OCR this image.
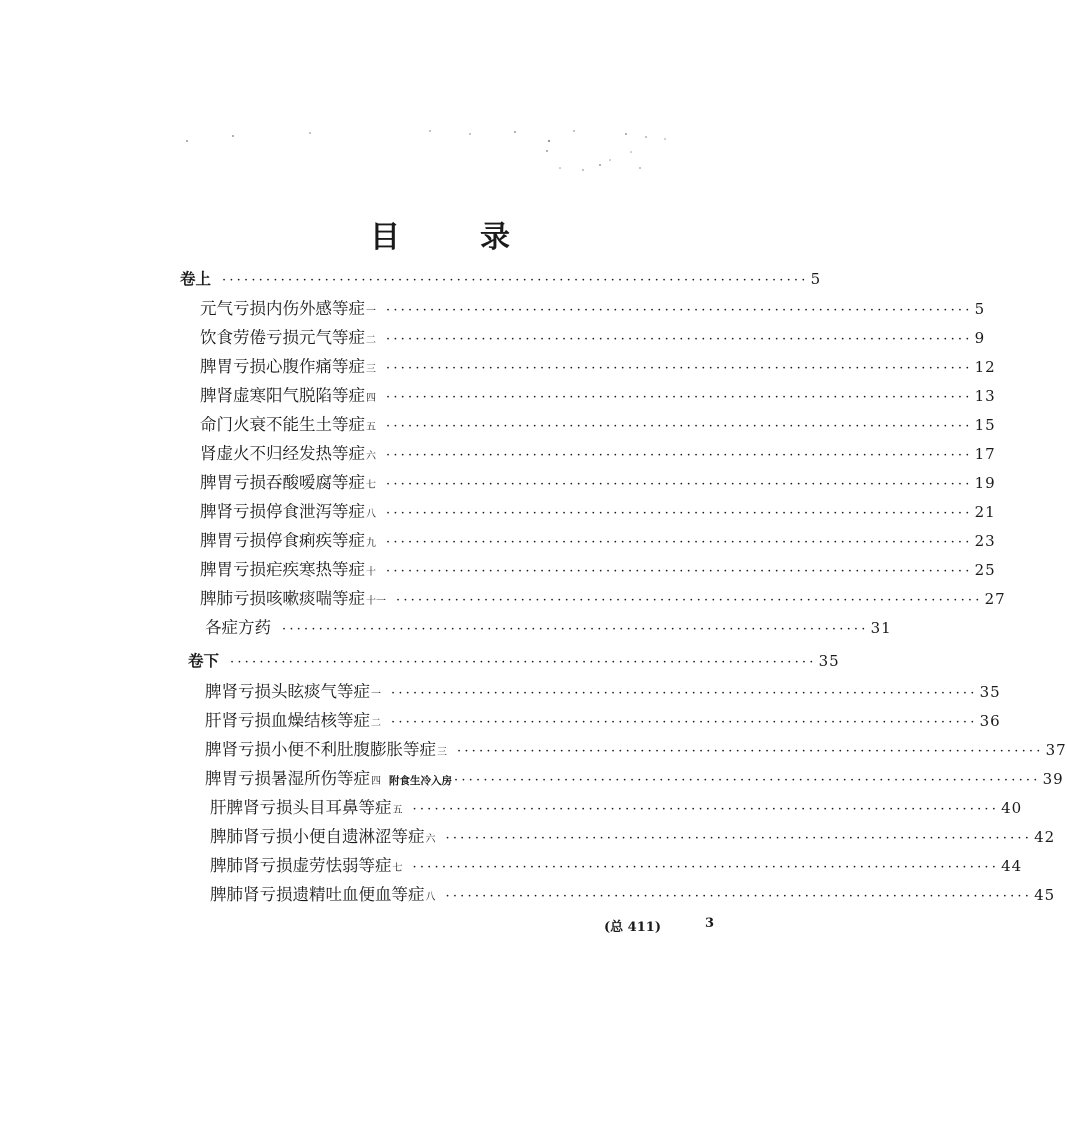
目	录
卷上 ················································································ 5
元气亏损内伤外感等症 一 ················································································ 5
饮食劳倦亏损元气等症 二 ················································································ 9
脾胃亏损心腹作痛等症 三 ················································································ 12
脾肾虚寒阳气脱陷等症 四 ················································································ 13
命门火衰不能生土等症 五 ················································································ 15
肾虚火不归经发热等症 六 ················································································ 17
脾胃亏损吞酸嗳腐等症 七 ················································································ 19
脾肾亏损停食泄泻等症 八 ················································································ 21
脾胃亏损停食痢疾等症 九 ················································································ 23
脾胃亏损疟疾寒热等症 十 ················································································ 25
脾肺亏损咳嗽痰喘等症 十一 ················································································ 27
各症方药 ················································································ 31
卷下 ················································································ 35
脾肾亏损头眩痰气等症 一 ················································································ 35
肝肾亏损血燥结核等症 二 ················································································ 36
脾肾亏损小便不利肚腹膨胀等症 三 ················································································ 37
脾胃亏损暑湿所伤等症 四 附食生冷入房 ················································································ 39
肝脾肾亏损头目耳鼻等症 五 ················································································ 40
脾肺肾亏损小便自遗淋涩等症 六 ················································································ 42
脾肺肾亏损虚劳怯弱等症 七 ················································································ 44
脾肺肾亏损遗精吐血便血等症 八 ················································································ 45
(总 411)	3
